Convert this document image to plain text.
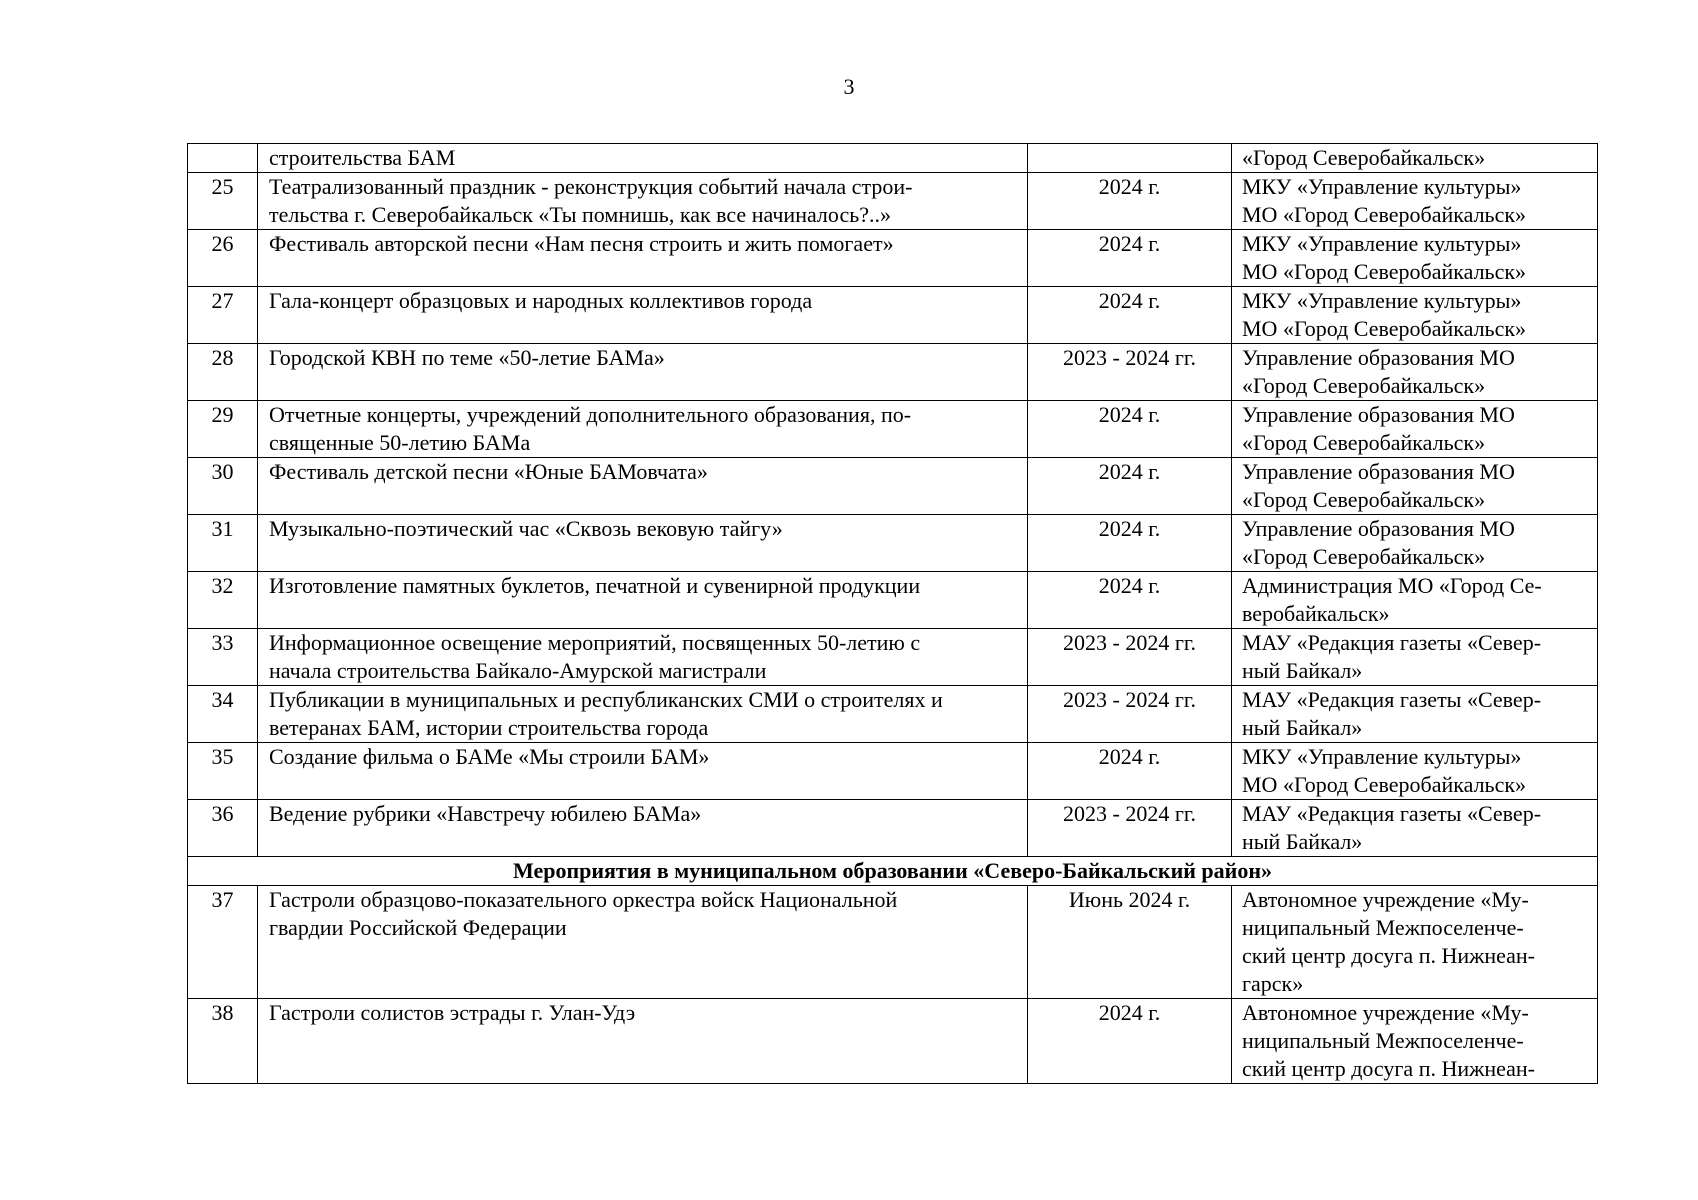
3

	строительства БАМ		«Город Северобайкальск»

25	Театрализованный праздник - реконструкция событий начала строи-
тельства г. Северобайкальск «Ты помнишь, как все начиналось?..»	2024 г.	МКУ «Управление культуры»
МО «Город Северобайкальск»

26	Фестиваль авторской песни «Нам песня строить и жить помогает»	2024 г.	МКУ «Управление культуры»
МО «Город Северобайкальск»

27	Гала-концерт образцовых и народных коллективов города	2024 г.	МКУ «Управление культуры»
МО «Город Северобайкальск»

28	Городской КВН по теме «50-летие БАМа»	2023 - 2024 гг.	Управление образования МО
«Город Северобайкальск»

29	Отчетные концерты, учреждений дополнительного образования, по-
священные 50-летию БАМа	2024 г.	Управление образования МО
«Город Северобайкальск»

30	Фестиваль детской песни «Юные БАМовчата»	2024 г.	Управление образования МО
«Город Северобайкальск»

31	Музыкально-поэтический час «Сквозь вековую тайгу»	2024 г.	Управление образования МО
«Город Северобайкальск»

32	Изготовление памятных буклетов, печатной и сувенирной продукции	2024 г.	Администрация МО «Город Се-
веробайкальск»

33	Информационное освещение мероприятий, посвященных 50-летию с
начала строительства Байкало-Амурской магистрали	2023 - 2024 гг.	МАУ «Редакция газеты «Север-
ный Байкал»

34	Публикации в муниципальных и республиканских СМИ о строителях и
ветеранах БАМ, истории строительства города	2023 - 2024 гг.	МАУ «Редакция газеты «Север-
ный Байкал»

35	Создание фильма о БАМе «Мы строили БАМ»	2024 г.	МКУ «Управление культуры»
МО «Город Северобайкальск»

36	Ведение рубрики «Навстречу юбилею БАМа»	2023 - 2024 гг.	МАУ «Редакция газеты «Север-
ный Байкал»

Мероприятия в муниципальном образовании «Северо-Байкальский район»			
37	Гастроли образцово-показательного оркестра войск Национальной
гвардии Российской Федерации	Июнь 2024 г.	Автономное учреждение «Му-
ниципальный Межпоселенче-
ский центр досуга п. Нижнеан-
гарск»

38	Гастроли солистов эстрады г. Улан-Удэ	2024 г.	Автономное учреждение «Му-
ниципальный Межпоселенче-
ский центр досуга п. Нижнеан-
